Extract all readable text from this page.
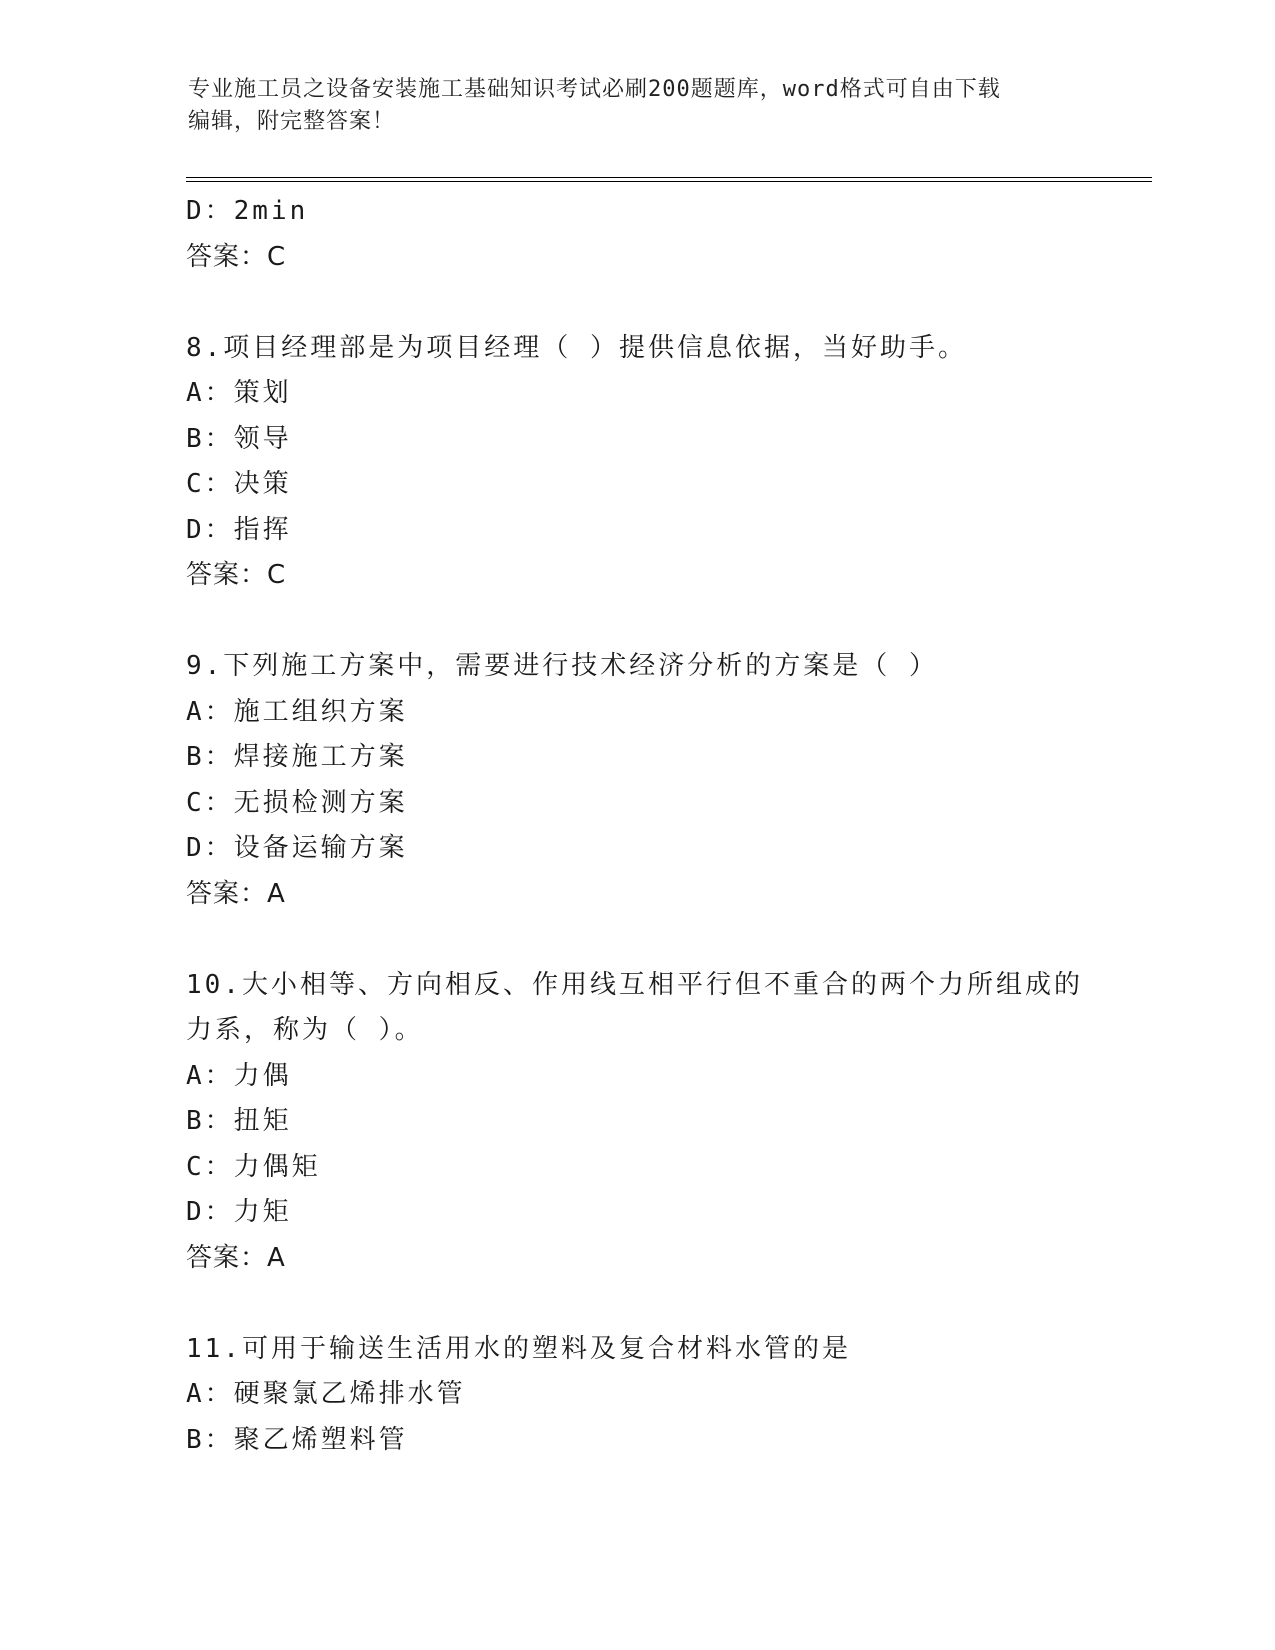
专业施工员之设备安装施工基础知识考试必刷200题题库，word格式可自由下载
编辑，附完整答案！
D：2min
答案：C
8.项目经理部是为项目经理（ ）提供信息依据，当好助手。
A：策划
B：领导
C：决策
D：指挥
答案：C
9.下列施工方案中，需要进行技术经济分析的方案是（ ）
A：施工组织方案
B：焊接施工方案
C：无损检测方案
D：设备运输方案
答案：A
10.大小相等、方向相反、作用线互相平行但不重合的两个力所组成的
力系，称为（ ）。
A：力偶
B：扭矩
C：力偶矩
D：力矩
答案：A
11.可用于输送生活用水的塑料及复合材料水管的是
A：硬聚氯乙烯排水管
B：聚乙烯塑料管
